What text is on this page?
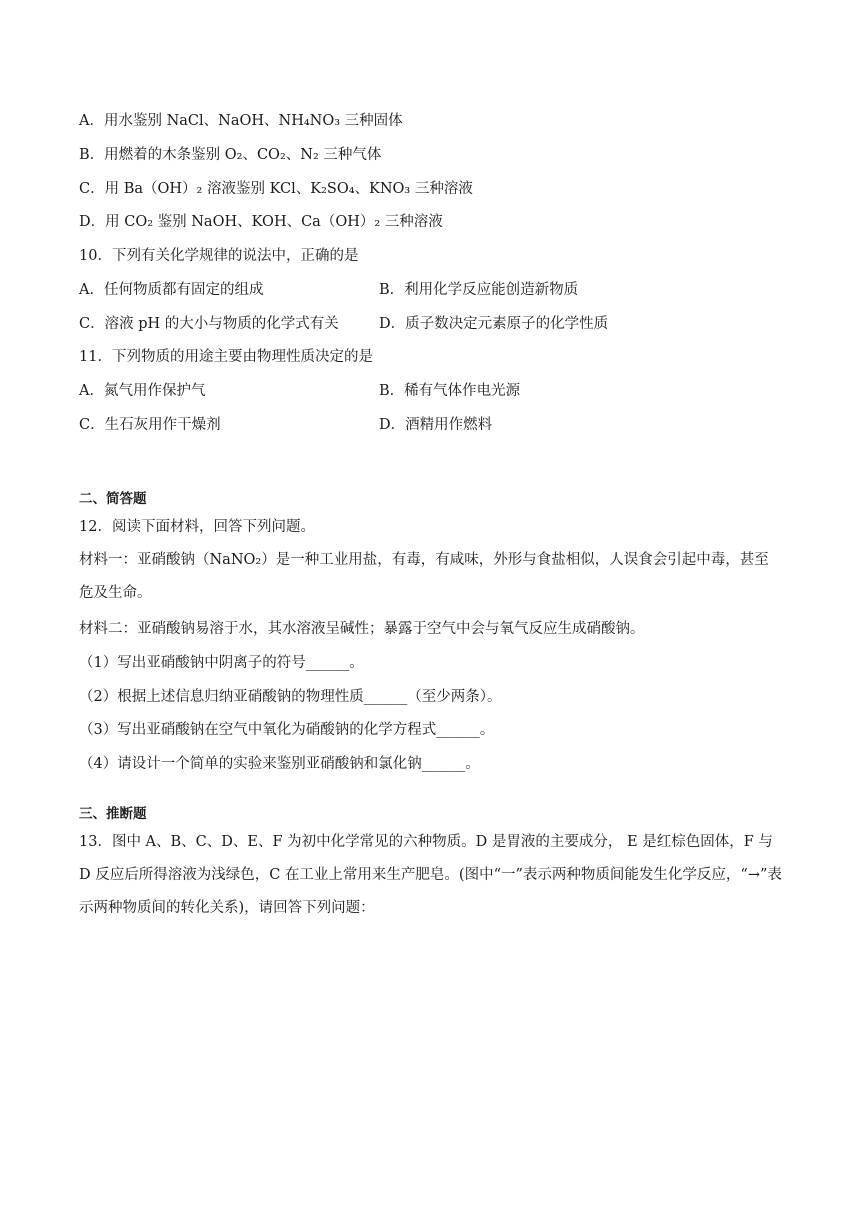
A．用水鉴别 NaCl、NaOH、NH₄NO₃ 三种固体
B．用燃着的木条鉴别 O₂、CO₂、N₂ 三种气体
C．用 Ba（OH）₂ 溶液鉴别 KCl、K₂SO₄、KNO₃ 三种溶液
D．用 CO₂ 鉴别 NaOH、KOH、Ca（OH）₂ 三种溶液
10．下列有关化学规律的说法中，正确的是
A．任何物质都有固定的组成	B．利用化学反应能创造新物质
C．溶液 pH 的大小与物质的化学式有关	D．质子数决定元素原子的化学性质
11．下列物质的用途主要由物理性质决定的是
A．氮气用作保护气	B．稀有气体作电光源
C．生石灰用作干燥剂	D．酒精用作燃料
二、简答题
12．阅读下面材料，回答下列问题。
材料一：亚硝酸钠（NaNO₂）是一种工业用盐，有毒，有咸味，外形与食盐相似，人误食会引起中毒，甚至危及生命。
材料二：亚硝酸钠易溶于水，其水溶液呈碱性；暴露于空气中会与氧气反应生成硝酸钠。
（1）写出亚硝酸钠中阴离子的符号______。
（2）根据上述信息归纳亚硝酸钠的物理性质______（至少两条）。
（3）写出亚硝酸钠在空气中氧化为硝酸钠的化学方程式______。
（4）请设计一个简单的实验来鉴别亚硝酸钠和氯化钠______。
三、推断题
13．图中 A、B、C、D、E、F 为初中化学常见的六种物质。D 是胃液的主要成分， E 是红棕色固体，F 与 D 反应后所得溶液为浅绿色，C 在工业上常用来生产肥皂。(图中“一”表示两种物质间能发生化学反应，“→”表示两种物质间的转化关系)，请回答下列问题：
